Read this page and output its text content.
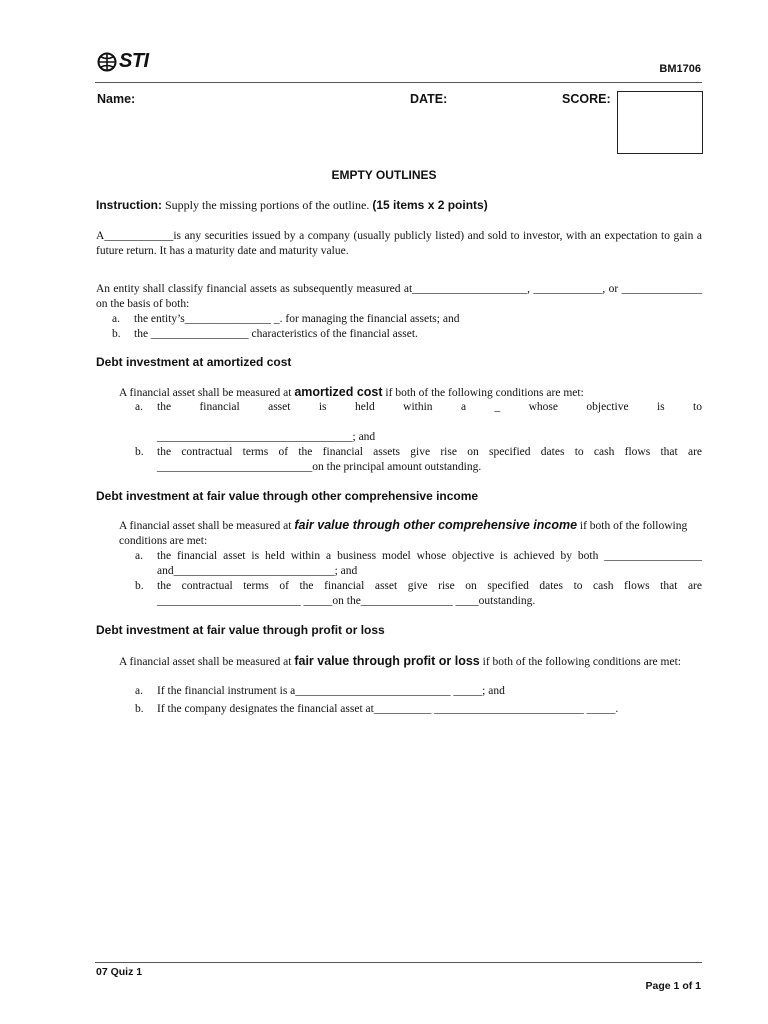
STI	BM1706
Name:	DATE:	SCORE:
EMPTY OUTLINES
Instruction: Supply the missing portions of the outline. (15 items x 2 points)
A____________is any securities issued by a company (usually publicly listed) and sold to investor, with an expectation to gain a future return. It has a maturity date and maturity value.
An entity shall classify financial assets as subsequently measured at____________________, ____________, or ______________ on the basis of both:
a.	the entity’s_______________ _. for managing the financial assets; and
b.	the _________________ characteristics of the financial asset.
Debt investment at amortized cost
A financial asset shall be measured at amortized cost if both of the following conditions are met:
a.	the financial asset is held within a _ whose objective is to
__________________________________; and
b.	the contractual terms of the financial assets give rise on specified dates to cash flows that are ___________________________on the principal amount outstanding.
Debt investment at fair value through other comprehensive income
A financial asset shall be measured at fair value through other comprehensive income if both of the following conditions are met:
a.	the financial asset is held within a business model whose objective is achieved by both _________________ and____________________________; and
b.	the contractual terms of the financial asset give rise on specified dates to cash flows that are _________________________ _____on the________________ ____outstanding.
Debt investment at fair value through profit or loss
A financial asset shall be measured at fair value through profit or loss if both of the following conditions are met:
a.	If the financial instrument is a___________________________ _____; and
b.	If the company designates the financial asset at__________ __________________________ _____.
07 Quiz 1
Page 1 of 1
